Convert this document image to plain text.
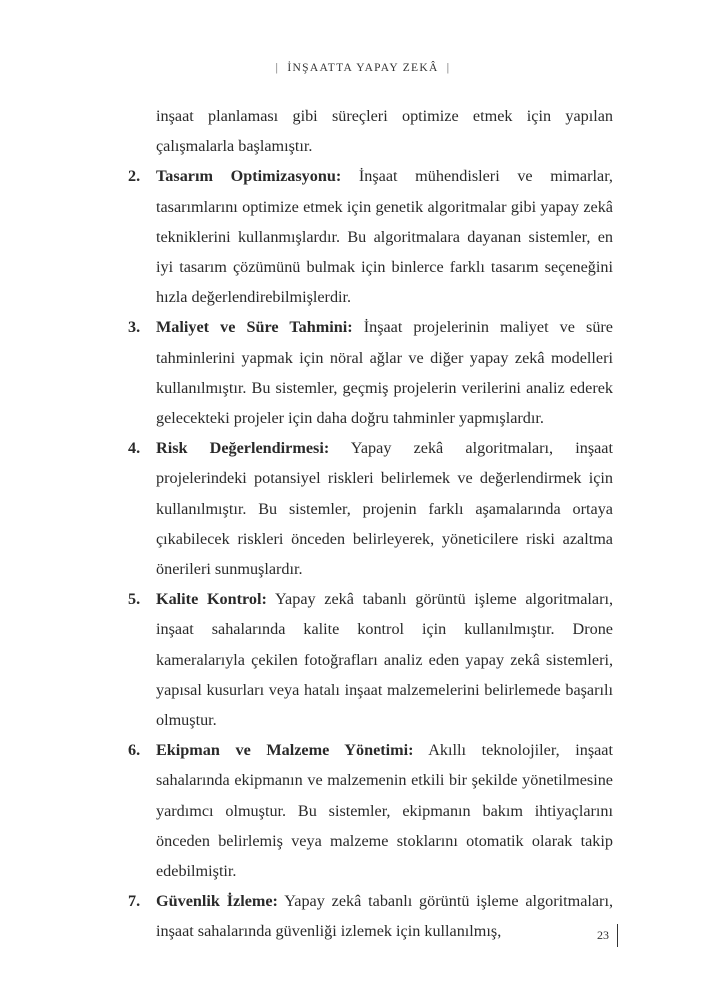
| İNŞAATTA YAPAY ZEKÂ |

inşaat planlaması gibi süreçleri optimize etmek için yapılan çalışmalarla başlamıştır.

2. Tasarım Optimizasyonu: İnşaat mühendisleri ve mimarlar, tasarımlarını optimize etmek için genetik algoritmalar gibi yapay zekâ tekniklerini kullanmışlardır. Bu algoritmalara dayanan sistemler, en iyi tasarım çözümünü bulmak için binlerce farklı tasarım seçeneğini hızla değerlendirebilmişlerdir.

3. Maliyet ve Süre Tahmini: İnşaat projelerinin maliyet ve süre tahminlerini yapmak için nöral ağlar ve diğer yapay zekâ modelleri kullanılmıştır. Bu sistemler, geçmiş projelerin verilerini analiz ederek gelecekteki projeler için daha doğru tahminler yapmışlardır.

4. Risk Değerlendirmesi: Yapay zekâ algoritmaları, inşaat projelerindeki potansiyel riskleri belirlemek ve değerlendirmek için kullanılmıştır. Bu sistemler, projenin farklı aşamalarında ortaya çıkabilecek riskleri önceden belirleyerek, yöneticilere riski azaltma önerileri sunmuşlardır.

5. Kalite Kontrol: Yapay zekâ tabanlı görüntü işleme algoritmaları, inşaat sahalarında kalite kontrol için kullanılmıştır. Drone kameralarıyla çekilen fotoğrafları analiz eden yapay zekâ sistemleri, yapısal kusurları veya hatalı inşaat malzemelerini belirlemede başarılı olmuştur.

6. Ekipman ve Malzeme Yönetimi: Akıllı teknolojiler, inşaat sahalarında ekipmanın ve malzemenin etkili bir şekilde yönetilmesine yardımcı olmuştur. Bu sistemler, ekipmanın bakım ihtiyaçlarını önceden belirlemiş veya malzeme stoklarını otomatik olarak takip edebilmiştir.

7. Güvenlik İzleme: Yapay zekâ tabanlı görüntü işleme algoritmaları, inşaat sahalarında güvenliği izlemek için kullanılmış,	23
